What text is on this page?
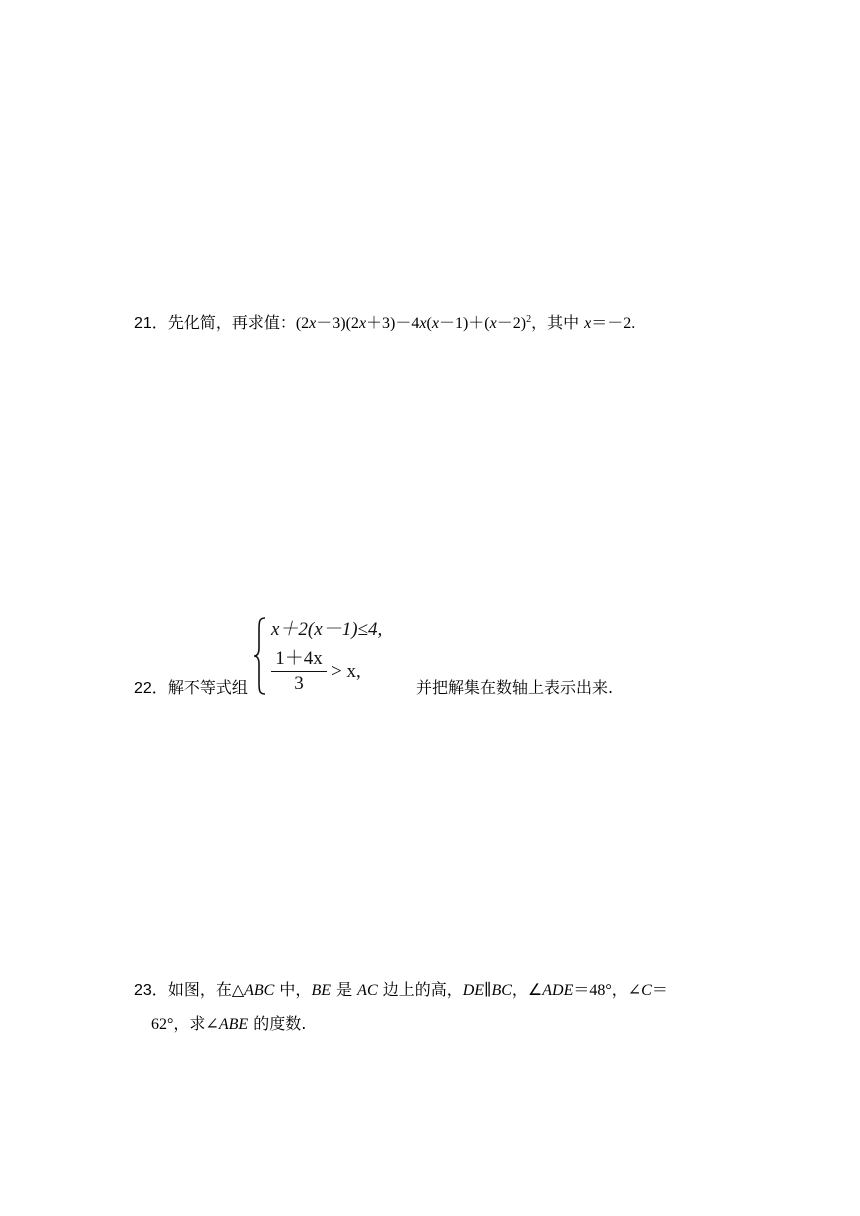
21．先化简，再求值：$(2x-3)(2x+3)-4x(x-1)+(x-2)^2$，其中 x＝－2.
22．解不等式组
x＋2(x－1)≤4,
1＋4x
3
> x,
并把解集在数轴上表示出来.
23．如图，在△ABC 中，BE 是 AC 边上的高，DE∥BC，∠ADE＝48°，∠C＝
62°，求∠ABE 的度数.
